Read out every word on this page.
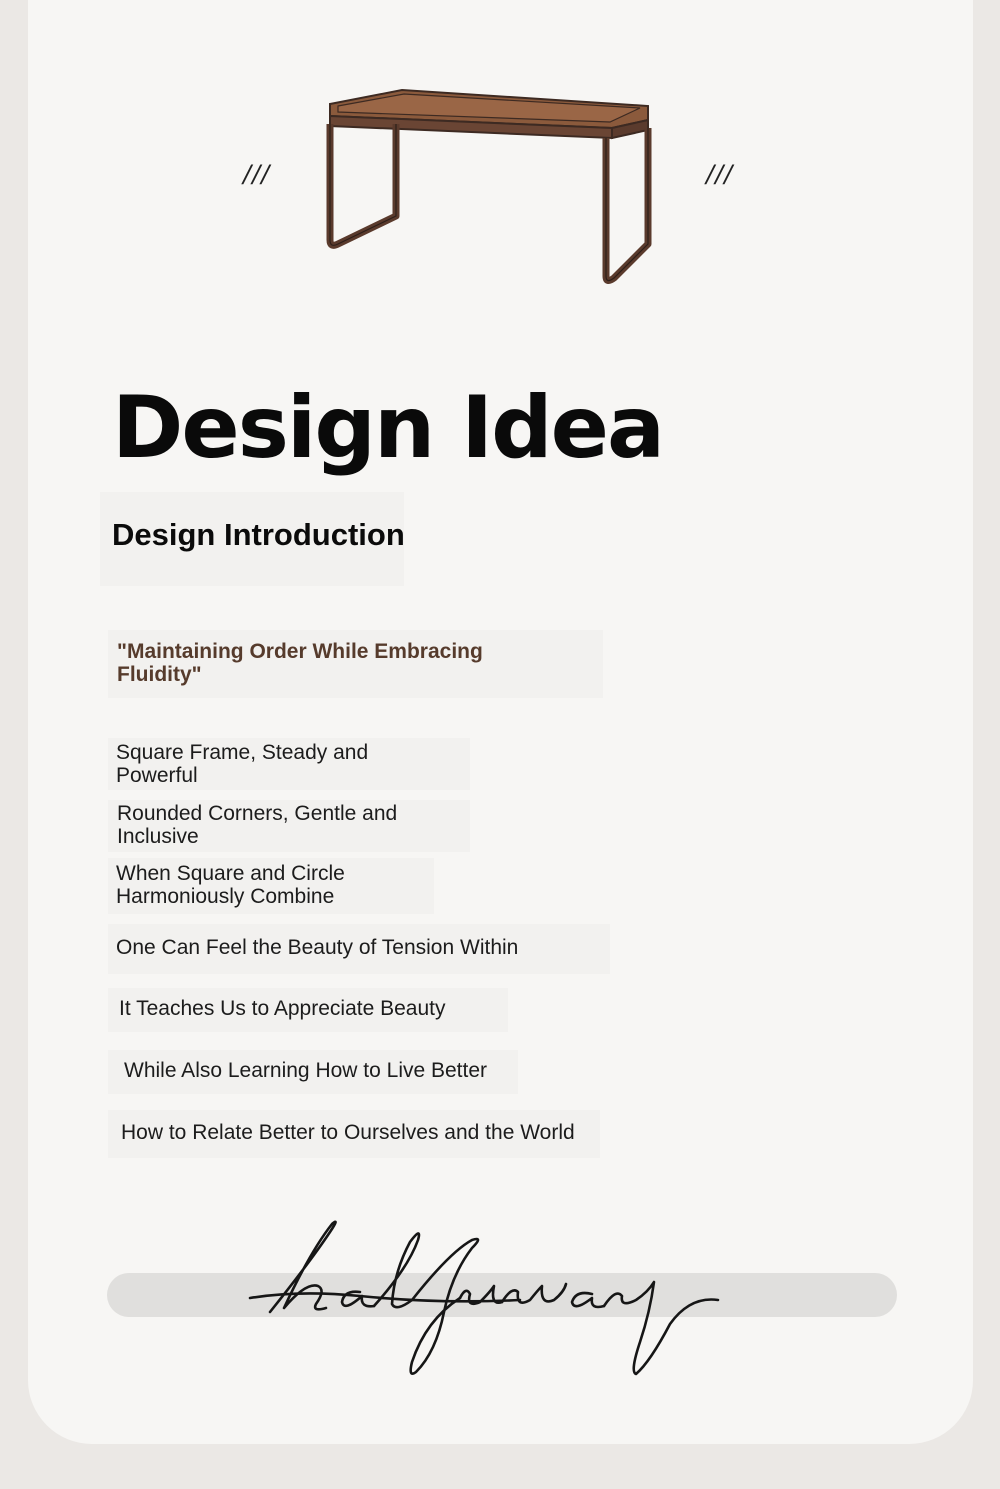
///	///
Design Idea
Design Introduction

"Maintaining Order While Embracing Fluidity"

Square Frame, Steady and Powerful

Rounded Corners, Gentle and Inclusive

When Square and Circle Harmoniously Combine

One Can Feel the Beauty of Tension Within

It Teaches Us to Appreciate Beauty

While Also Learning How to Live Better

How to Relate Better to Ourselves and the World
